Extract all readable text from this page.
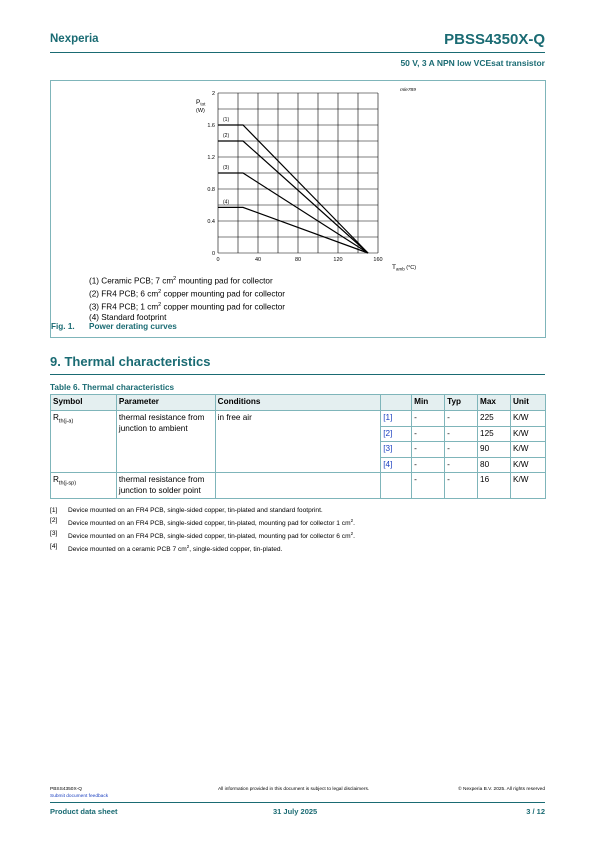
Nexperia	PBSS4350X-Q
50 V, 3 A NPN low VCEsat transistor
mle789
0
0.4
0.8
1.2
1.6
2
0	40	80	120	160
(1)
(2)
(3)
(4)
$P_{tot}$
(W)
$T_{amb}$ $^{(^\circ C)}$
(1) Ceramic PCB; 7 $cm^2$ mounting pad for collector
(2) FR4 PCB; 6 $cm^2$ copper mounting pad for collector
(3) FR4 PCB; 1 $cm^2$ copper mounting pad for collector
(4) Standard footprint
Fig. 1. Power derating curves
9. Thermal characteristics
Table 6. Thermal characteristics
Symbol	Parameter	Conditions		Min	Typ	Max	Unit
$R_{th(j-a)}$	thermal resistance from junction to ambient	in free air	[1]	-	-	225	K/W
			[2]	-	-	125	K/W
			[3]	-	-	90	K/W
			[4]	-	-	80	K/W
$R_{th(j-sp)}$	thermal resistance from junction to solder point			-	-	16	K/W
[1]	Device mounted on an FR4 PCB, single-sided copper, tin-plated and standard footprint.
[2]	Device mounted on an FR4 PCB, single-sided copper, tin-plated, mounting pad for collector 1 $cm^2$.
[3]	Device mounted on an FR4 PCB, single-sided copper, tin-plated, mounting pad for collector 6 $cm^2$.
[4]	Device mounted on a ceramic PCB 7 $cm^2$, single-sided copper, tin-plated.
PBSS4350X-Q
Submit document feedback
All information provided in this document is subject to legal disclaimers.	© Nexperia B.V. 2025. All rights reserved
Product data sheet	31 July 2025	3 / 12
